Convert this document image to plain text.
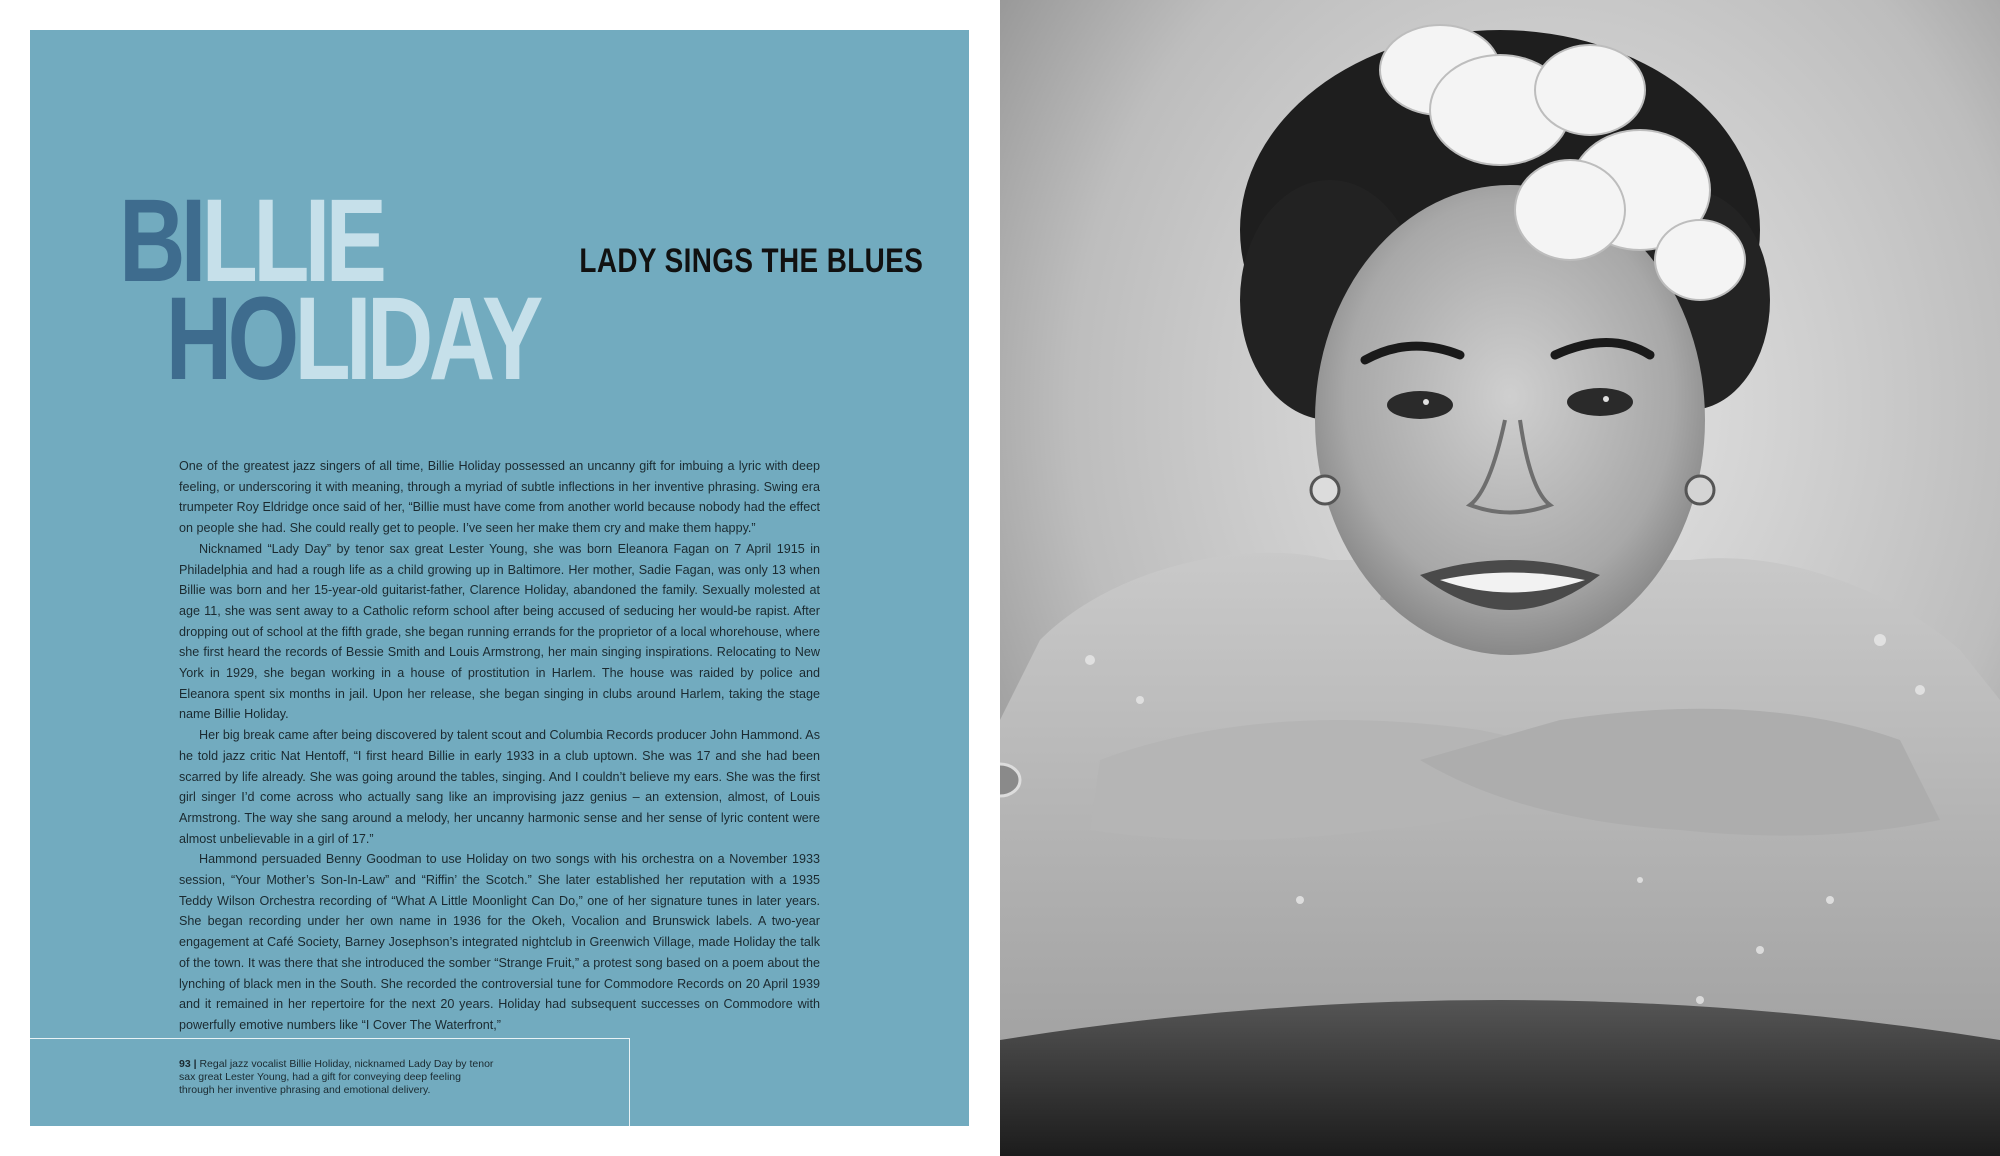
BILLIE
HOLIDAY
LADY SINGS THE BLUES

One of the greatest jazz singers of all time, Billie Holiday possessed an uncanny gift for imbuing a lyric with deep feeling, or underscoring it with meaning, through a myriad of subtle inflections in her inventive phrasing. Swing era trumpeter Roy Eldridge once said of her, “Billie must have come from another world because nobody had the effect on people she had. She could really get to people. I’ve seen her make them cry and make them happy.”

Nicknamed “Lady Day” by tenor sax great Lester Young, she was born Eleanora Fagan on 7 April 1915 in Philadelphia and had a rough life as a child growing up in Baltimore. Her mother, Sadie Fagan, was only 13 when Billie was born and her 15-year-old guitarist-father, Clarence Holiday, abandoned the family. Sexually molested at age 11, she was sent away to a Catholic reform school after being accused of seducing her would-be rapist. After dropping out of school at the fifth grade, she began running errands for the proprietor of a local whorehouse, where she first heard the records of Bessie Smith and Louis Armstrong, her main singing inspirations. Relocating to New York in 1929, she began working in a house of prostitution in Harlem. The house was raided by police and Eleanora spent six months in jail. Upon her release, she began singing in clubs around Harlem, taking the stage name Billie Holiday.

Her big break came after being discovered by talent scout and Columbia Records producer John Hammond. As he told jazz critic Nat Hentoff, “I first heard Billie in early 1933 in a club uptown. She was 17 and she had been scarred by life already. She was going around the tables, singing. And I couldn’t believe my ears. She was the first girl singer I’d come across who actually sang like an improvising jazz genius – an extension, almost, of Louis Armstrong. The way she sang around a melody, her uncanny harmonic sense and her sense of lyric content were almost unbelievable in a girl of 17.”

Hammond persuaded Benny Goodman to use Holiday on two songs with his orchestra on a November 1933 session, “Your Mother’s Son-In-Law” and “Riffin’ the Scotch.” She later established her reputation with a 1935 Teddy Wilson Orchestra recording of “What A Little Moonlight Can Do,” one of her signature tunes in later years. She began recording under her own name in 1936 for the Okeh, Vocalion and Brunswick labels. A two-year engagement at Café Society, Barney Josephson’s integrated nightclub in Greenwich Village, made Holiday the talk of the town. It was there that she introduced the somber “Strange Fruit,” a protest song based on a poem about the lynching of black men in the South. She recorded the controversial tune for Commodore Records on 20 April 1939 and it remained in her repertoire for the next 20 years. Holiday had subsequent successes on Commodore with powerfully emotive numbers like “I Cover The Waterfront,”

93 | Regal jazz vocalist Billie Holiday, nicknamed Lady Day by tenor sax great Lester Young, had a gift for conveying deep feeling through her inventive phrasing and emotional delivery.
